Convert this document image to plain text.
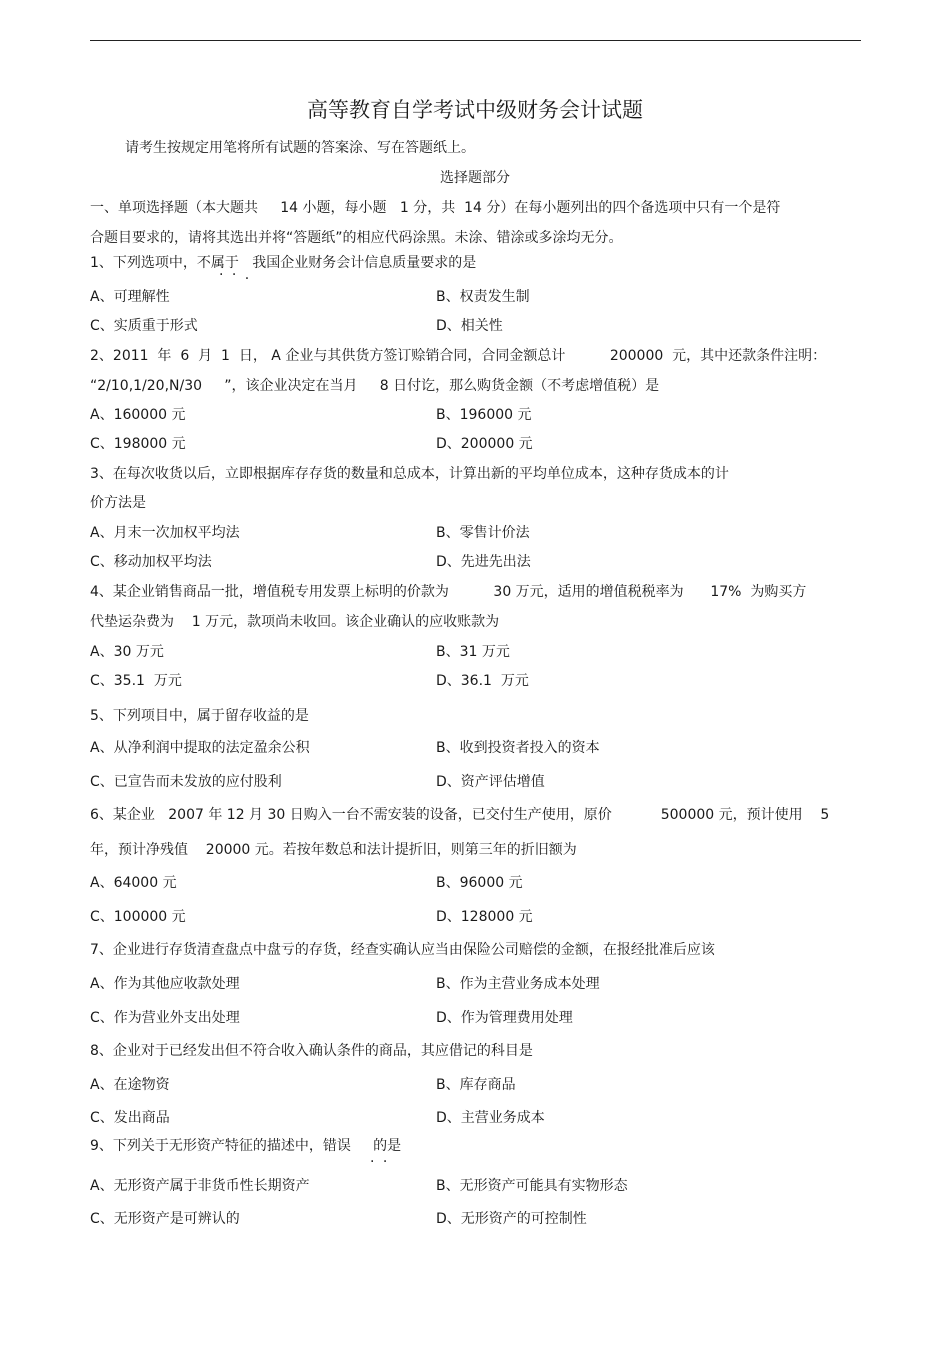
高等教育自学考试中级财务会计试题
请考生按规定用笔将所有试题的答案涂、写在答题纸上。
选择题部分
一、单项选择题（本大题共     14 小题，每小题   1 分，共  14 分）在每小题列出的四个备选项中只有一个是符
合题目要求的，请将其选出并将“答题纸”的相应代码涂黑。未涂、错涂或多涂均无分。
1、下列选项中，不属于   我国企业财务会计信息质量要求的是
· · .
A、可理解性	B、权责发生制
C、实质重于形式	D、相关性
2、2011  年  6  月  1  日， A 企业与其供货方签订赊销合同，合同金额总计          200000  元，其中还款条件注明：
“2/10,1/20,N/30     ”，该企业决定在当月     8 日付讫，那么购货金额（不考虑增值税）是
A、160000 元	B、196000 元
C、198000 元	D、200000 元
3、在每次收货以后，立即根据库存存货的数量和总成本，计算出新的平均单位成本，这种存货成本的计
价方法是
A、月末一次加权平均法	B、零售计价法
C、移动加权平均法	D、先进先出法
4、某企业销售商品一批，增值税专用发票上标明的价款为          30 万元，适用的增值税税率为      17%  为购买方
代垫运杂费为    1 万元，款项尚未收回。该企业确认的应收账款为
A、30 万元	B、31 万元
C、35.1  万元	D、36.1  万元
5、下列项目中，属于留存收益的是
A、从净利润中提取的法定盈余公积	B、收到投资者投入的资本
C、已宣告而未发放的应付股利	D、资产评估增值
6、某企业   2007 年 12 月 30 日购入一台不需安装的设备，已交付生产使用，原价           500000 元，预计使用    5
年，预计净残值    20000 元。若按年数总和法计提折旧，则第三年的折旧额为
A、64000 元	B、96000 元
C、100000 元	D、128000 元
7、企业进行存货清查盘点中盘亏的存货，经查实确认应当由保险公司赔偿的金额，在报经批准后应该
A、作为其他应收款处理	B、作为主营业务成本处理
C、作为营业外支出处理	D、作为管理费用处理
8、企业对于已经发出但不符合收入确认条件的商品，其应借记的科目是
A、在途物资	B、库存商品
C、发出商品	D、主营业务成本
9、下列关于无形资产特征的描述中，错误     的是
. .
A、无形资产属于非货币性长期资产	B、无形资产可能具有实物形态
C、无形资产是可辨认的	D、无形资产的可控制性
